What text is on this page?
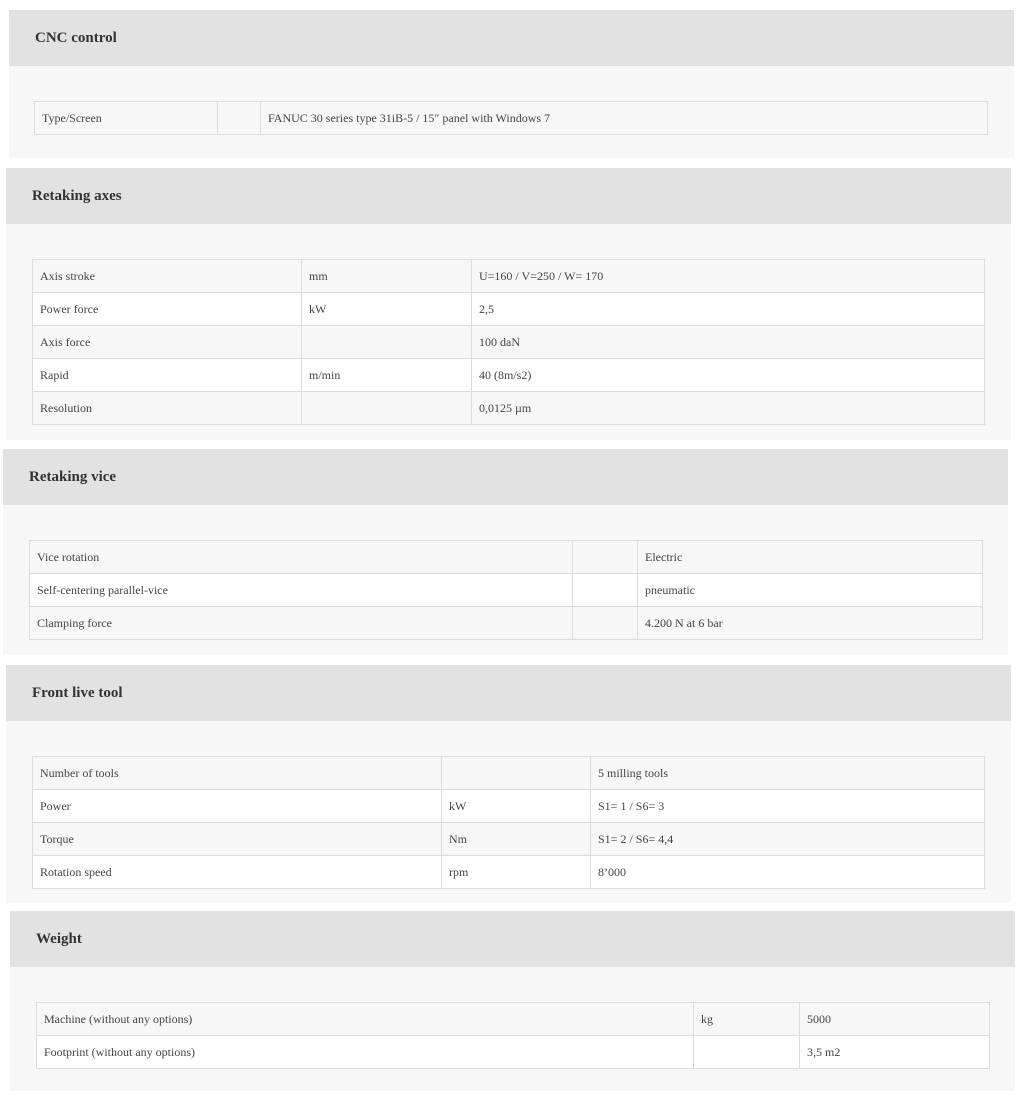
CNC control
Type/Screen		FANUC 30 series type 31iB-5 / 15″ panel with Windows 7
Retaking axes
Axis stroke	mm	U=160 / V=250 / W= 170
Power force	kW	2,5
Axis force		100 daN
Rapid	m/min	40 (8m/s2)
Resolution		0,0125 µm
Retaking vice
Vice rotation		Electric
Self-centering parallel-vice		pneumatic
Clamping force		4.200 N at 6 bar
Front live tool
Number of tools		5 milling tools
Power	kW	S1= 1 / S6= 3
Torque	Nm	S1= 2 / S6= 4,4
Rotation speed	rpm	8’000
Weight
Machine (without any options)	kg	5000
Footprint (without any options)		3,5 m2
